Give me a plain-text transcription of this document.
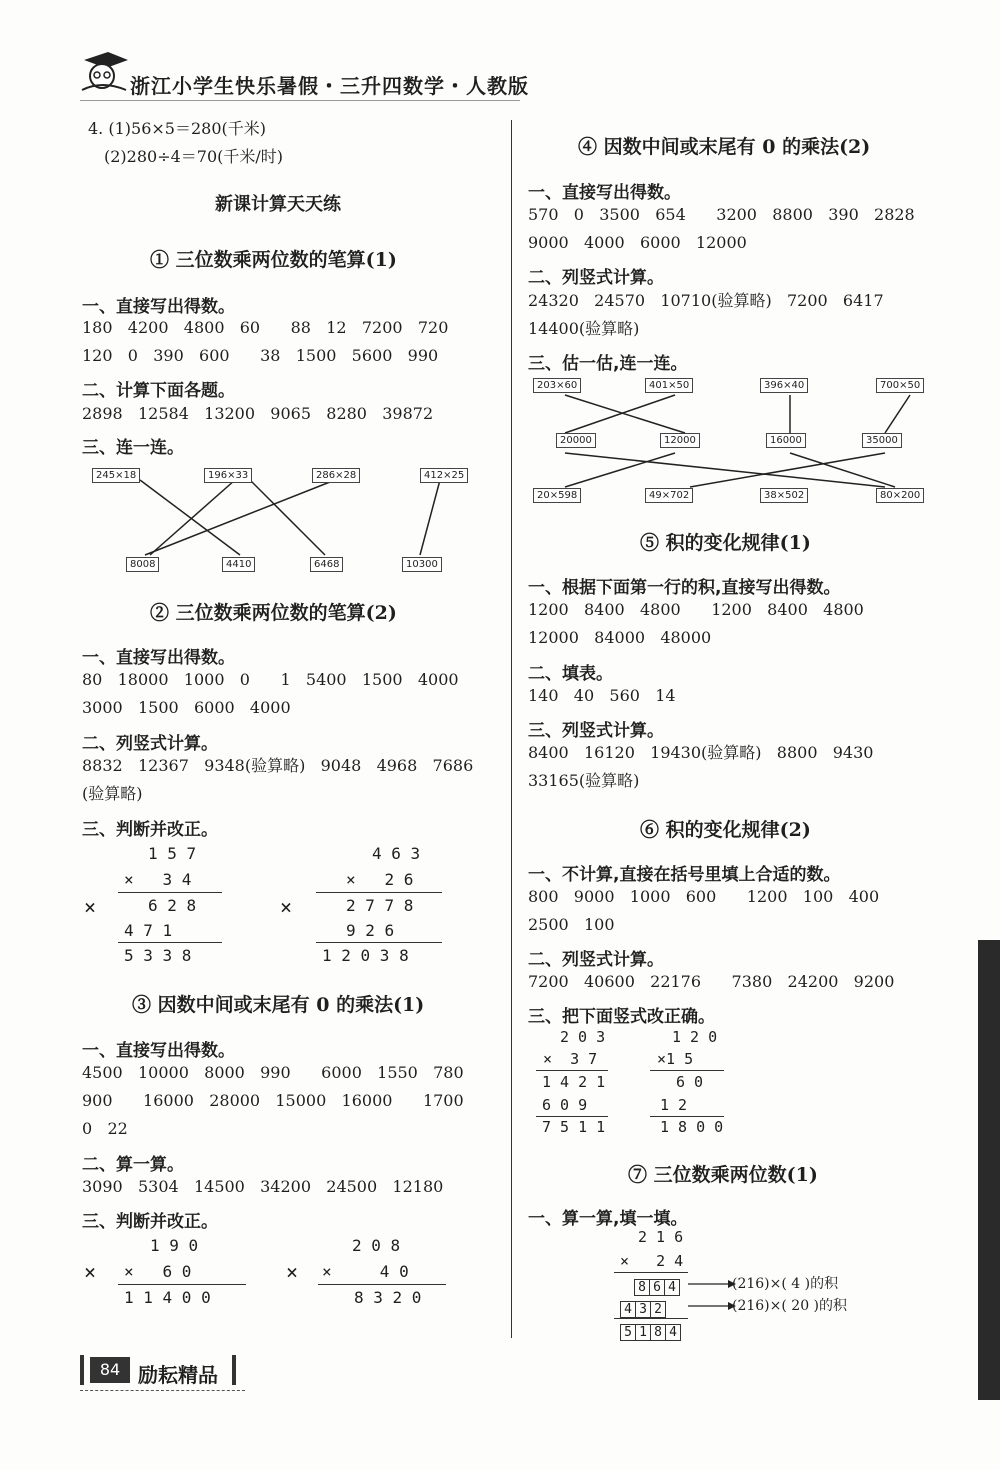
浙江小学生快乐暑假・三升四数学・人教版
4. (1)56×5＝280(千米)
(2)280÷4＝70(千米/时)
新课计算天天练
① 三位数乘两位数的笔算(1)
一、直接写出得数。
180   4200   4800   60      88   12   7200   720
120   0   390   600      38   1500   5600   990
二、计算下面各题。
2898   12584   13200   9065   8280   39872
三、连一连。
245×18	196×33	286×28	412×25
8008	4410	6468	10300
② 三位数乘两位数的笔算(2)
一、直接写出得数。
80   18000   1000   0      1   5400   1500   4000
3000   1500   6000   4000
二、列竖式计算。
8832   12367   9348(验算略)   9048   4968   7686
(验算略)
三、判断并改正。
×
1 5 7
×   3 4
6 2 8
4 7 1
5 3 3 8
×
4 6 3
×   2 6
2 7 7 8
9 2 6
1 2 0 3 8
③ 因数中间或末尾有 0 的乘法(1)
一、直接写出得数。
4500   10000   8000   990      6000   1550   780
900      16000   28000   15000   16000      1700
0   22
二、算一算。
3090   5304   14500   34200   24500   12180
三、判断并改正。
×
1 9 0
×   6 0
1 1 4 0 0
×
2 0 8
×     4 0
8 3 2 0
84 励耘精品
④ 因数中间或末尾有 0 的乘法(2)
一、直接写出得数。
570   0   3500   654      3200   8800   390   2828
9000   4000   6000   12000
二、列竖式计算。
24320   24570   10710(验算略)   7200   6417
14400(验算略)
三、估一估,连一连。
203×60	401×50	396×40	700×50
20000	12000	16000	35000
20×598	49×702	38×502	80×200
⑤ 积的变化规律(1)
一、根据下面第一行的积,直接写出得数。
1200   8400   4800      1200   8400   4800
12000   84000   48000
二、填表。
140   40   560   14
三、列竖式计算。
8400   16120   19430(验算略)   8800   9430
33165(验算略)
⑥ 积的变化规律(2)
一、不计算,直接在括号里填上合适的数。
800   9000   1000   600      1200   100   400
2500   100
二、列竖式计算。
7200   40600   22176      7380   24200   9200
三、把下面竖式改正确。
2 0 3
×  3 7
1 4 2 1
6 0 9
7 5 1 1
1 2 0
×1 5
6 0
1 2
1 8 0 0
⑦ 三位数乘两位数(1)
一、算一算,填一填。
2 1 6
×   2 4
8 6 4
4 3 2
5 1 8 4
(216)×( 4 )的积
(216)×( 20 )的积
